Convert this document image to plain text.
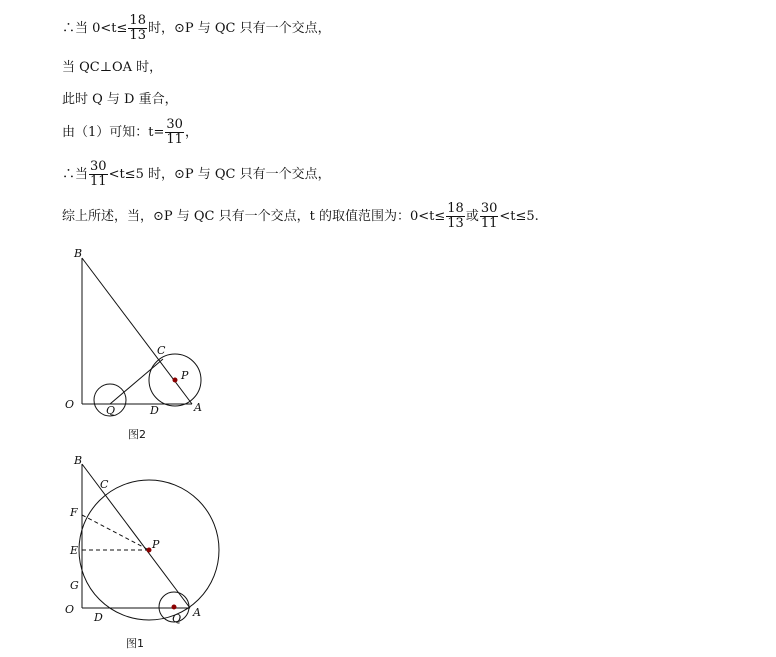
∴当 $0<t\le \frac{18}{13}$ 时，⊙P 与 QC 只有一个交点，
当 QC⊥OA 时，
此时 Q 与 D 重合，
由（1）可知：$t= \frac{30}{11}$ ，
∴当 $\frac{30}{11} <t\le 5$ 时，⊙P 与 QC 只有一个交点，
综上所述，当，⊙P 与 QC 只有一个交点，t 的取值范围为：$0<t\le \frac{18}{13}$ 或 $\frac{30}{11} <t\le 5$.
B
C
P
O	Q	D	A
图2
B
C
F
E	P
G
O
D	Q A
图1
